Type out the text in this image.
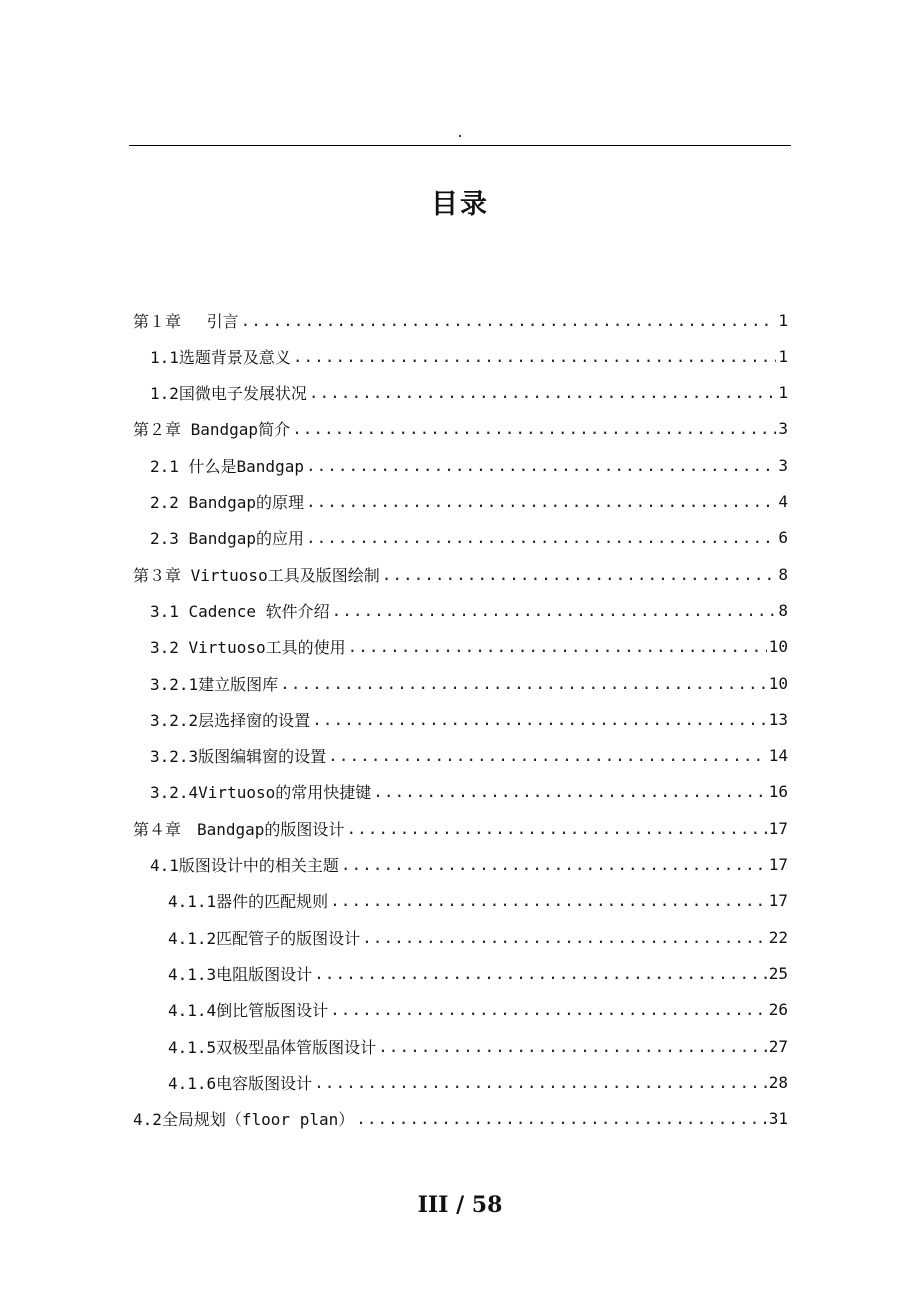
.
目录
第１章　 引言 .....	1
1.1选题背景及意义 .....	1
1.2国微电子发展状况 .....	1
第２章 Bandgap简介 .....	3
2.1 什么是Bandgap .....	3
2.2 Bandgap的原理 .....	4
2.3 Bandgap的应用 .....	6
第３章 Virtuoso工具及版图绘制 .....	8
3.1 Cadence 软件介绍 .....	8
3.2 Virtuoso工具的使用 .....	10
3.2.1建立版图库 .....	10
3.2.2层选择窗的设置 .....	13
3.2.3版图编辑窗的设置 .....	14
3.2.4Virtuoso的常用快捷键 .....	16
第４章　Bandgap的版图设计 .....	17
4.1版图设计中的相关主题 .....	17
4.1.1器件的匹配规则 .....	17
4.1.2匹配管子的版图设计 .....	22
4.1.3电阻版图设计 .....	25
4.1.4倒比管版图设计 .....	26
4.1.5双极型晶体管版图设计 .....	27
4.1.6电容版图设计 .....	28
4.2全局规划（floor plan） .....	31
III / 58
